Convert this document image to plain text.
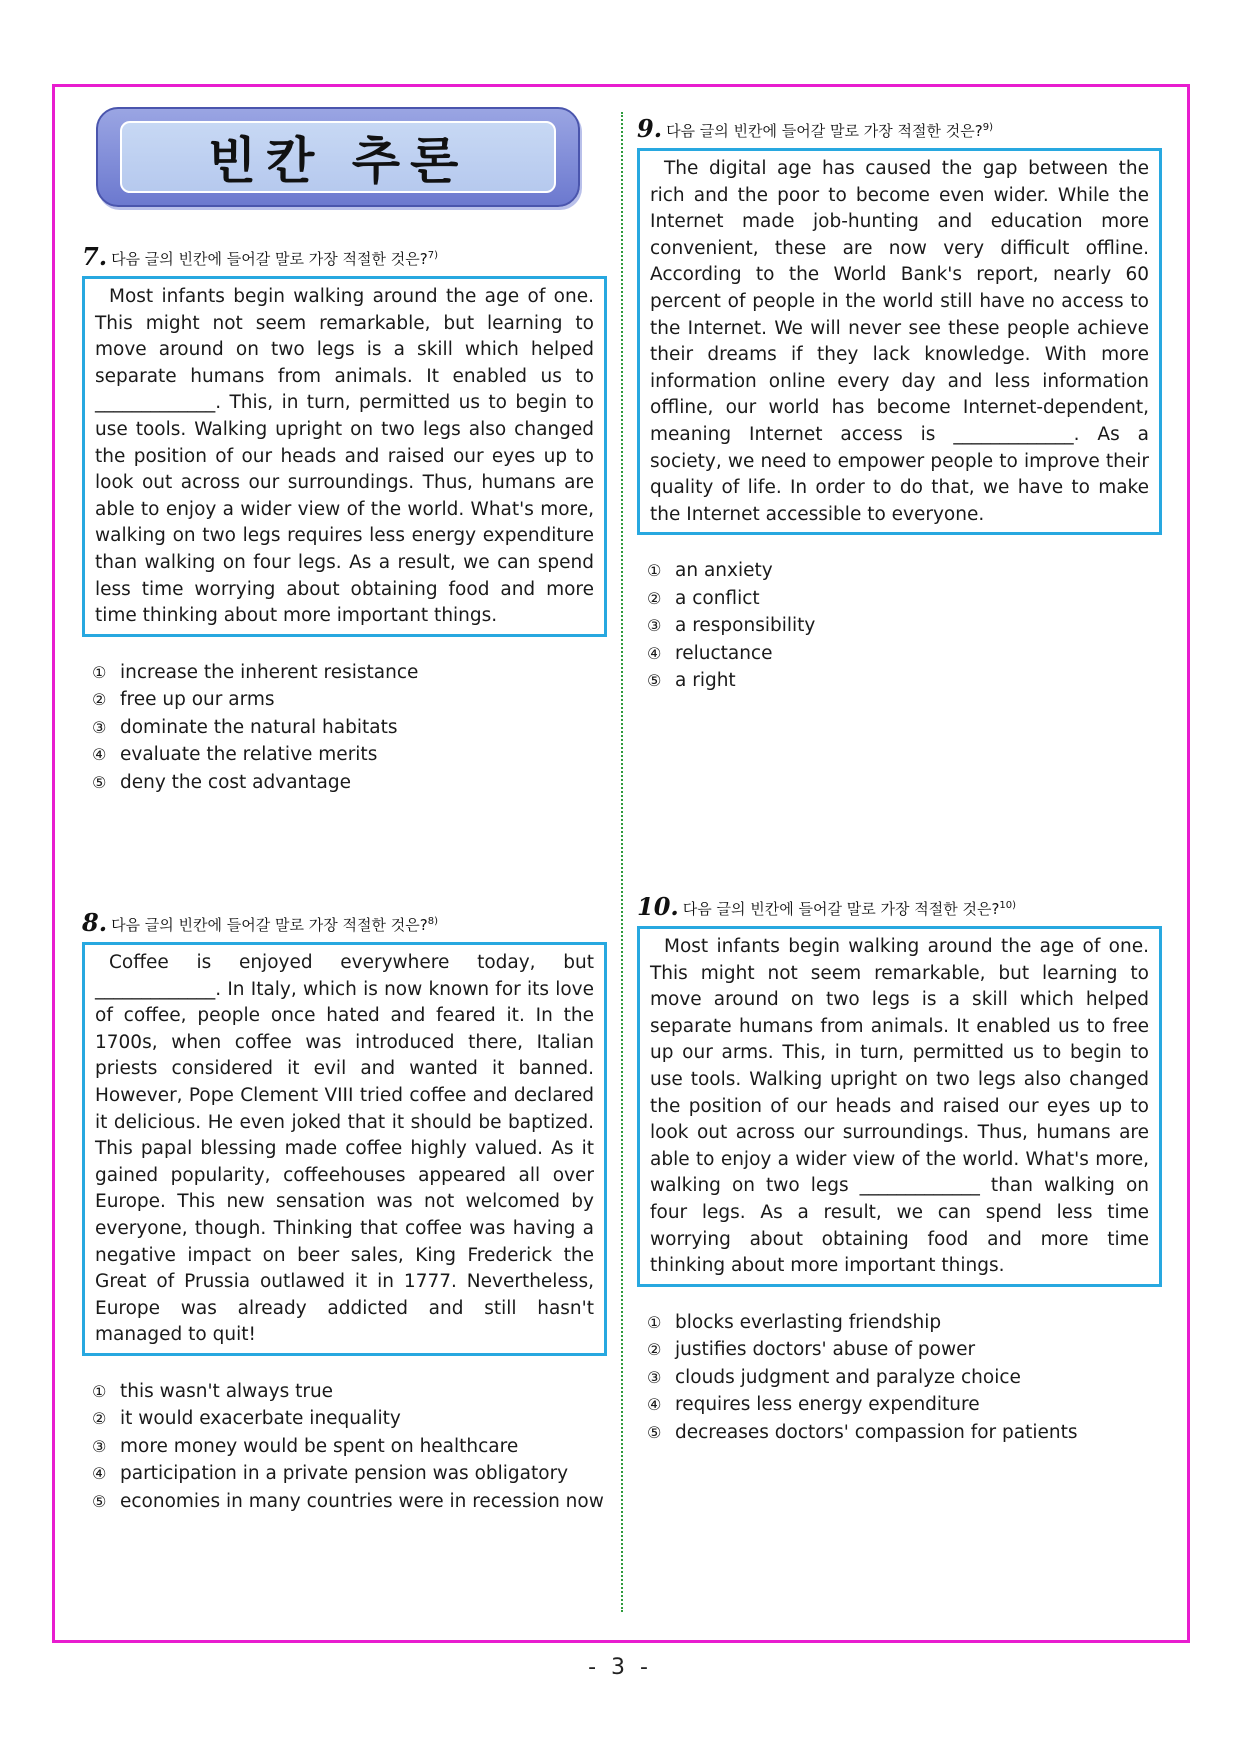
빈칸 추론
7. 다음 글의 빈칸에 들어갈 말로 가장 적절한 것은?$^{7)}$
Most infants begin walking around the age of one. This might not seem remarkable, but learning to move around on two legs is a skill which helped separate humans from animals. It enabled us to _____________. This, in turn, permitted us to begin to use tools. Walking upright on two legs also changed the position of our heads and raised our eyes up to look out across our surroundings. Thus, humans are able to enjoy a wider view of the world. What's more, walking on two legs requires less energy expenditure than walking on four legs. As a result, we can spend less time worrying about obtaining food and more time thinking about more important things.
① increase the inherent resistance
② free up our arms
③ dominate the natural habitats
④ evaluate the relative merits
⑤ deny the cost advantage
8. 다음 글의 빈칸에 들어갈 말로 가장 적절한 것은?$^{8)}$
Coffee is enjoyed everywhere today, but _____________. In Italy, which is now known for its love of coffee, people once hated and feared it. In the 1700s, when coffee was introduced there, Italian priests considered it evil and wanted it banned. However, Pope Clement VIII tried coffee and declared it delicious. He even joked that it should be baptized. This papal blessing made coffee highly valued. As it gained popularity, coffeehouses appeared all over Europe. This new sensation was not welcomed by everyone, though. Thinking that coffee was having a negative impact on beer sales, King Frederick the Great of Prussia outlawed it in 1777. Nevertheless, Europe was already addicted and still hasn't managed to quit!
① this wasn't always true
② it would exacerbate inequality
③ more money would be spent on healthcare
④ participation in a private pension was obligatory
⑤ economies in many countries were in recession now
9. 다음 글의 빈칸에 들어갈 말로 가장 적절한 것은?$^{9)}$
The digital age has caused the gap between the rich and the poor to become even wider. While the Internet made job-hunting and education more convenient, these are now very difficult offline. According to the World Bank's report, nearly 60 percent of people in the world still have no access to the Internet. We will never see these people achieve their dreams if they lack knowledge. With more information online every day and less information offline, our world has become Internet-dependent, meaning Internet access is _____________. As a society, we need to empower people to improve their quality of life. In order to do that, we have to make the Internet accessible to everyone.
① an anxiety
② a conflict
③ a responsibility
④ reluctance
⑤ a right
10. 다음 글의 빈칸에 들어갈 말로 가장 적절한 것은?$^{10)}$
Most infants begin walking around the age of one. This might not seem remarkable, but learning to move around on two legs is a skill which helped separate humans from animals. It enabled us to free up our arms. This, in turn, permitted us to begin to use tools. Walking upright on two legs also changed the position of our heads and raised our eyes up to look out across our surroundings. Thus, humans are able to enjoy a wider view of the world. What's more, walking on two legs _____________ than walking on four legs. As a result, we can spend less time worrying about obtaining food and more time thinking about more important things.
① blocks everlasting friendship
② justifies doctors' abuse of power
③ clouds judgment and paralyze choice
④ requires less energy expenditure
⑤ decreases doctors' compassion for patients
- 3 -
